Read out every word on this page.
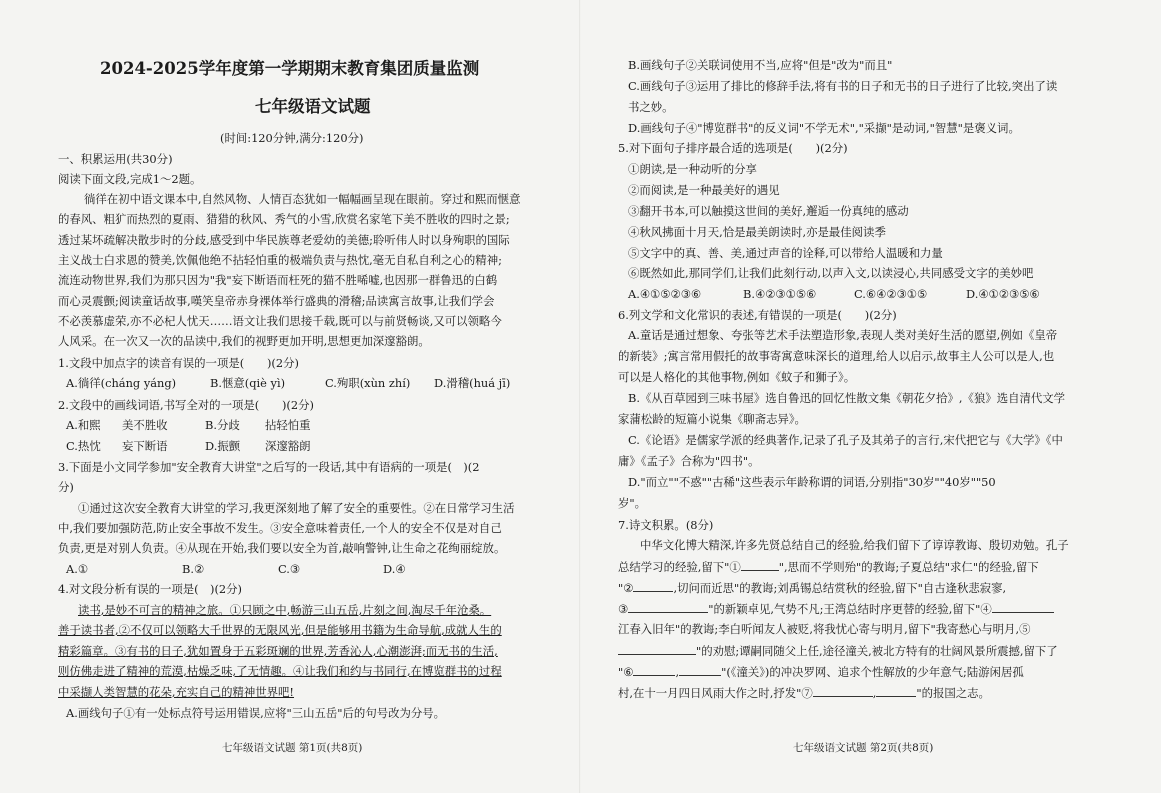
2024-2025学年度第一学期期末教育集团质量监测
七年级语文试题
(时间:120分钟,满分:120分)
一、积累运用(共30分)
阅读下面文段,完成1～2题。
徜徉在初中语文课本中,自然风物、人情百态犹如一幅幅画呈现在眼前。穿过和熙而惬意
的春风、粗犷而热烈的夏雨、猎猎的秋风、秀气的小雪,欣赏名家笔下美不胜收的四时之景;
透过某坏疏解决散步时的分歧,感受到中华民族尊老爱幼的美德;聆听伟人时以身殉职的国际
主义战士白求恩的赞美,饮佩他绝不拈轻怕重的极端负责与热忱,毫无自私自利之心的精神;
流连动物世界,我们为那只因为"我"妄下断语而枉死的猫不胜唏嘘,也因那一群鲁迅的白鹤
而心灵震颤;阅读童话故事,嘆笑皇帝赤身裸体举行盛典的滑稽;品读寓言故事,让我们学会
不必羡慕虚荣,亦不必杞人忧天……语文让我们思接千载,既可以与前贤畅谈,又可以领略今
人风采。在一次又一次的品读中,我们的视野更加开明,思想更加深邃豁朗。
1.文段中加点字的读音有误的一项是(　　)(2分)
A.徜徉(cháng yáng)	B.惬意(qiè yì)	C.殉职(xùn zhí) D.滑稽(huá jī)
2.文段中的画线词语,书写全对的一项是(　　)(2分)
A.和熙 美不胜收	B.分歧 拈轻怕重
C.热忱 妄下断语	D.振颤 深邃豁朗
3.下面是小文同学参加"安全教育大讲堂"之后写的一段话,其中有语病的一项是(　)(2
分)
①通过这次安全教育大讲堂的学习,我更深刻地了解了安全的重要性。②在日常学习生活
中,我们要加强防范,防止安全事故不发生。③安全意味着责任,一个人的安全不仅是对自己
负责,更是对别人负责。④从现在开始,我们要以安全为首,敲响警钟,让生命之花绚丽绽放。
A.①	B.②	C.③	D.④
4.对文段分析有误的一项是(　)(2分)
读书,是妙不可言的精神之旅。①只顾之中,畅游三山五岳,片刻之间,淘尽千年沧桑。
善于读书者,②不仅可以领略大千世界的无限风光,但是能够用书籍为生命导航,成就人生的
精彩篇章。③有书的日子,犹如置身于五彩斑斓的世界,芳香沁人,心潮澎湃;而无书的生活,
则仿佛走进了精神的荒漠,枯燥乏味,了无情趣。④让我们和约与书同行,在博览群书的过程
中采撷人类智慧的花朵,充实自己的精神世界吧!
A.画线句子①有一处标点符号运用错误,应将"三山五岳"后的句号改为分号。
七年级语文试题 第1页(共8页)
B.画线句子②关联词使用不当,应将"但是"改为"而且"
C.画线句子③运用了排比的修辞手法,将有书的日子和无书的日子进行了比较,突出了读
书之妙。
D.画线句子④"博览群书"的反义词"不学无术","采撷"是动词,"智慧"是褒义词。
5.对下面句子排序最合适的选项是(　　)(2分)
①朗读,是一种动听的分享
②而阅读,是一种最美好的遇见
③翻开书本,可以触摸这世间的美好,邂逅一份真纯的感动
④秋风拂面十月天,恰是最美朗读时,亦是最佳阅读季
⑤文字中的真、善、美,通过声音的诠释,可以带给人温暖和力量
⑥既然如此,那同学们,让我们此刻行动,以声入文,以读浸心,共同感受文字的美妙吧
A.④①⑤②③⑥	B.④②③①⑤⑥	C.⑥④②③①⑤	D.④①②③⑤⑥
6.列文学和文化常识的表述,有错误的一项是(　　)(2分)
A.童话是通过想象、夸张等艺术手法塑造形象,表现人类对美好生活的愿望,例如《皇帝
的新装》;寓言常用假托的故事寄寓意味深长的道理,给人以启示,故事主人公可以是人,也
可以是人格化的其他事物,例如《蚊子和狮子》。
B.《从百草园到三味书屋》选自鲁迅的回忆性散文集《朝花夕拾》,《狼》选自清代文学
家蒲松龄的短篇小说集《聊斋志异》。
C.《论语》是儒家学派的经典著作,记录了孔子及其弟子的言行,宋代把它与《大学》《中
庸》《孟子》合称为"四书"。
D."而立""不惑""古稀"这些表示年龄称谓的词语,分别指"30岁""40岁""50
岁"。
7.诗文积累。(8分)
中华文化博大精深,许多先贤总结自己的经验,给我们留下了谆谆教诲、殷切劝勉。孔子
总结学习的经验,留下"①	",思而不学则殆"的教诲;子夏总结"求仁"的经验,留下
"②	,切问而近思"的教诲;刘禹锡总结赏秋的经验,留下"自古逢秋悲寂寥,
③	"的新颖卓见,气势不凡;王湾总结时序更替的经验,留下"④
江春入旧年"的教诲;李白听闻友人被贬,将我忧心寄与明月,留下"我寄愁心与明月,⑤
"的劝慰;谭嗣同随父上任,途径潼关,被北方特有的壮阔风景所震撼,留下了
"⑥	,	"(《潼关》)的冲决罗网、追求个性解放的少年意气;陆游闲居孤
村,在十一月四日风雨大作之时,抒发"⑦	,	"的报国之志。
七年级语文试题 第2页(共8页)
